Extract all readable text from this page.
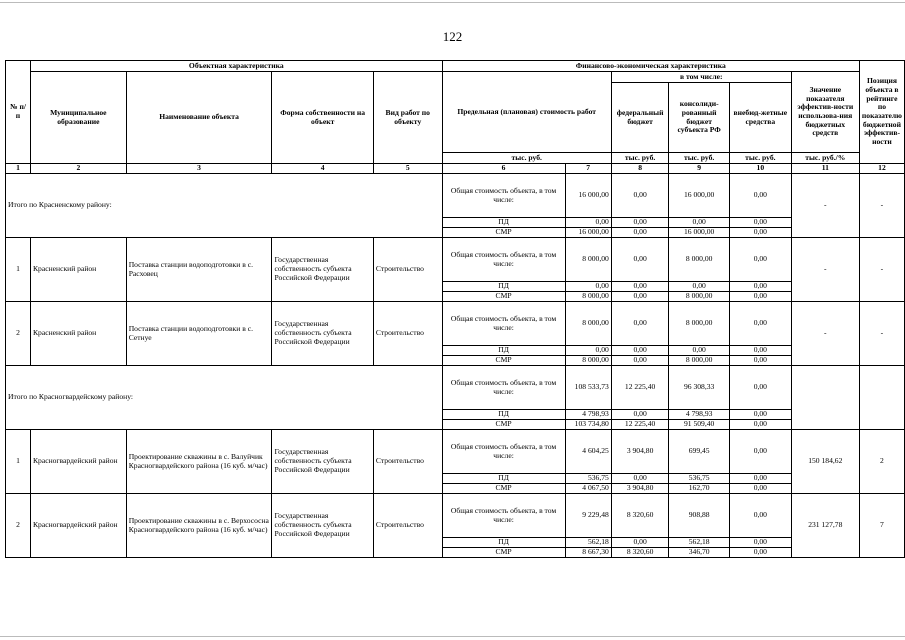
122
№ п/п	Объектная характеристика				Финансово-экономическая характеристика						Позиция объекта в рейтинге по показателю бюджетной эффектив-ности
	Муниципальное образование	Наименование объекта	Форма собственности на объект	Вид работ по объекту	Предельная (плановая) стоимость работ		в том числе:			Значение показателя эффектив-ности использова-ния бюджетных средств	
							федеральный бюджет	консолиди-рованный бюджет субъекта РФ	внебюд-жетные средства		

					тыс. руб.		тыс. руб.	тыс. руб.	тыс. руб.	тыс. руб./%	
1	2	3	4	5	6	7	8	9	10	11	12
Итого по Красненскому району:					Общая стоимость объекта, в том числе:	16 000,00	0,00	16 000,00	0,00	-	-
					ПД	0,00	0,00	0,00	0,00		
					СМР	16 000,00	0,00	16 000,00	0,00		
1	Красненский район	Поставка станции водоподготовки в с. Расховец	Государственная собственность субъекта Российской Федерации	Строительство	Общая стоимость объекта, в том числе:	8 000,00	0,00	8 000,00	0,00	-	-
					ПД	0,00	0,00	0,00	0,00		
					СМР	8 000,00	0,00	8 000,00	0,00		
2	Красненский район	Поставка станции водоподготовки в с. Сетнуе	Государственная собственность субъекта Российской Федерации	Строительство	Общая стоимость объекта, в том числе:	8 000,00	0,00	8 000,00	0,00	-	-
					ПД	0,00	0,00	0,00	0,00		
					СМР	8 000,00	0,00	8 000,00	0,00		
Итого по Красногвардейскому району:					Общая стоимость объекта, в том числе:	108 533,73	12 225,40	96 308,33	0,00		
					ПД	4 798,93	0,00	4 798,93	0,00		
					СМР	103 734,80	12 225,40	91 509,40	0,00		
1	Красногвардейский район	Проектирование скважины в с. Валуйчик Красногвардейского района (16 куб. м/час)	Государственная собственность субъекта Российской Федерации	Строительство	Общая стоимость объекта, в том числе:	4 604,25	3 904,80	699,45	0,00	150 184,62	2
					ПД	536,75	0,00	536,75	0,00		
					СМР	4 067,50	3 904,80	162,70	0,00		
2	Красногвардейский район	Проектирование скважины в с. Верхососна Красногвардейского района (16 куб. м/час)	Государственная собственность субъекта Российской Федерации	Строительство	Общая стоимость объекта, в том числе:	9 229,48	8 320,60	908,88	0,00	231 127,78	7
					ПД	562,18	0,00	562,18	0,00		
					СМР	8 667,30	8 320,60	346,70	0,00		
